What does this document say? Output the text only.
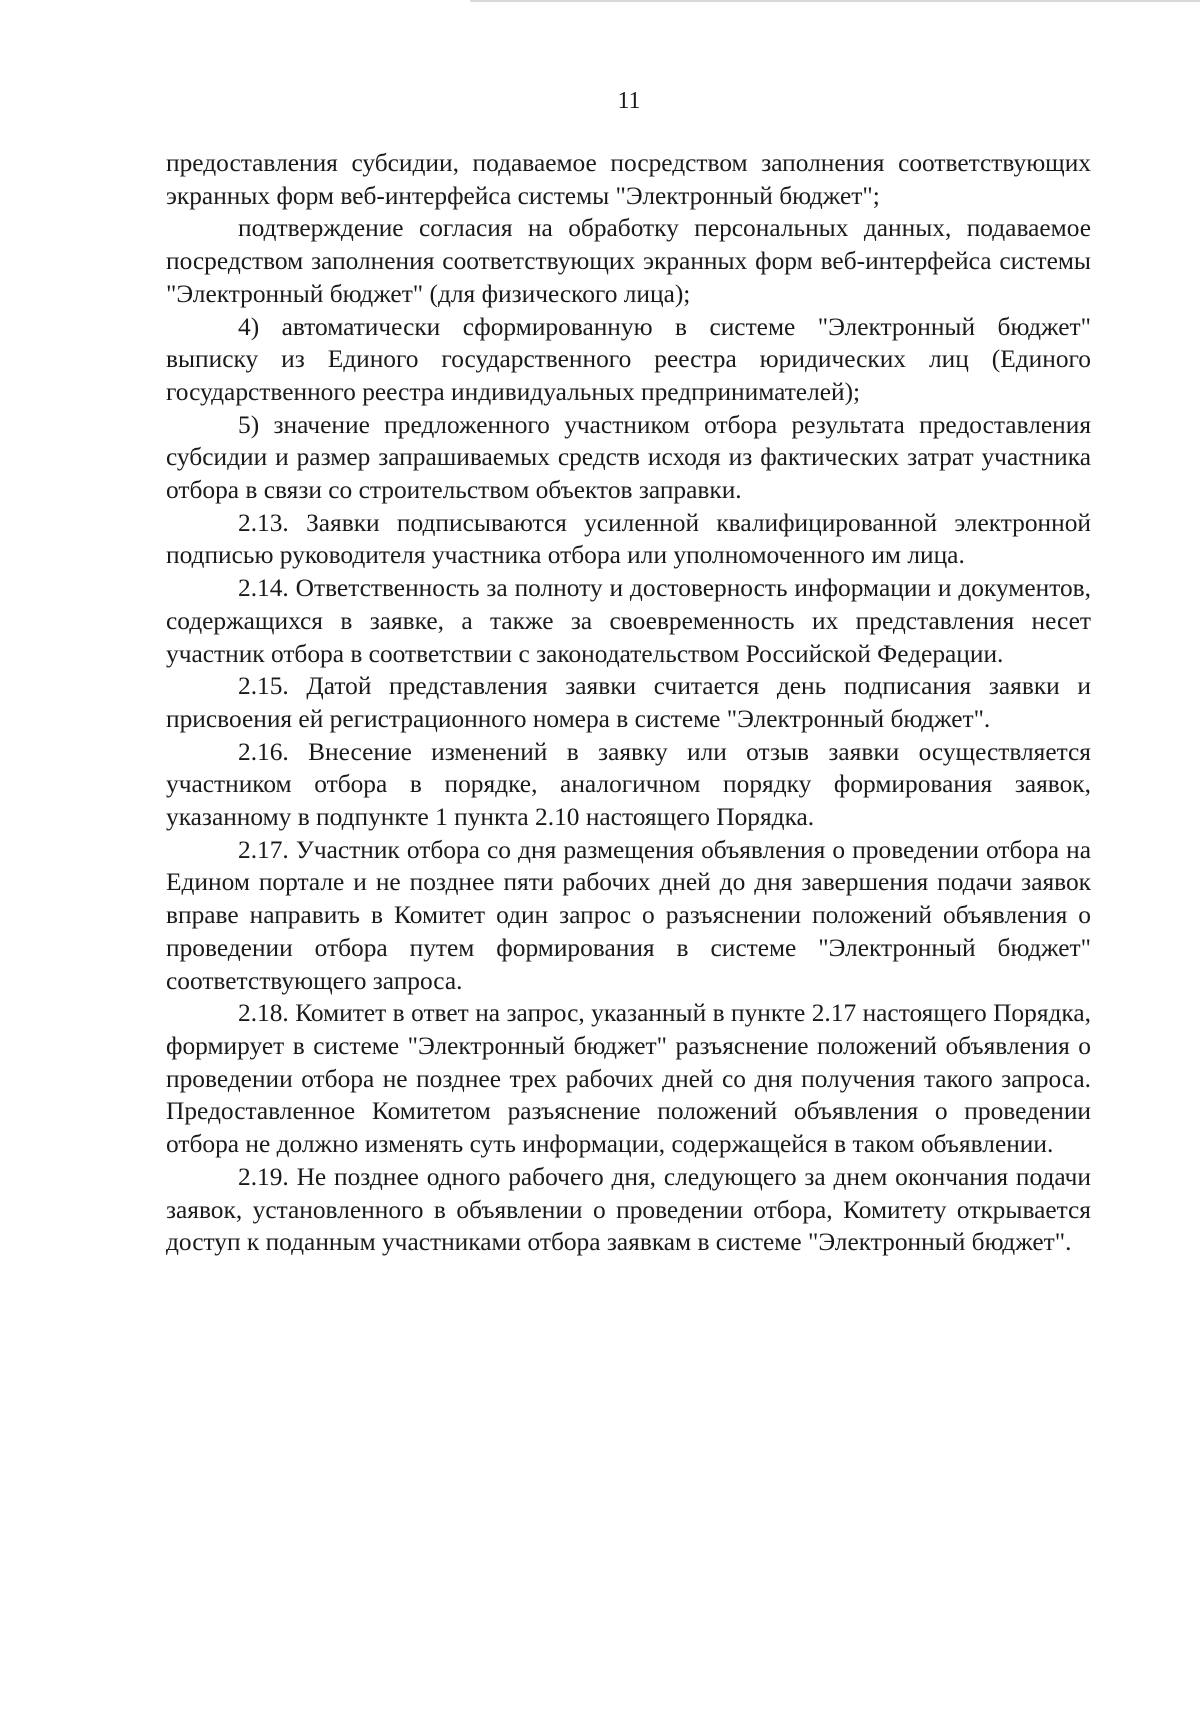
11

предоставления субсидии, подаваемое посредством заполнения соответствующих экранных форм веб-интерфейса системы "Электронный бюджет";

подтверждение согласия на обработку персональных данных, подаваемое посредством заполнения соответствующих экранных форм веб-интерфейса системы "Электронный бюджет" (для физического лица);

4) автоматически сформированную в системе "Электронный бюджет" выписку из Единого государственного реестра юридических лиц (Единого государственного реестра индивидуальных предпринимателей);

5) значение предложенного участником отбора результата предоставления субсидии и размер запрашиваемых средств исходя из фактических затрат участника отбора в связи со строительством объектов заправки.

2.13. Заявки подписываются усиленной квалифицированной электронной подписью руководителя участника отбора или уполномоченного им лица.

2.14. Ответственность за полноту и достоверность информации и документов, содержащихся в заявке, а также за своевременность их представления несет участник отбора в соответствии с законодательством Российской Федерации.

2.15. Датой представления заявки считается день подписания заявки и присвоения ей регистрационного номера в системе "Электронный бюджет".

2.16. Внесение изменений в заявку или отзыв заявки осуществляется участником отбора в порядке, аналогичном порядку формирования заявок, указанному в подпункте 1 пункта 2.10 настоящего Порядка.

2.17. Участник отбора со дня размещения объявления о проведении отбора на Едином портале и не позднее пяти рабочих дней до дня завершения подачи заявок вправе направить в Комитет один запрос о разъяснении положений объявления о проведении отбора путем формирования в системе "Электронный бюджет" соответствующего запроса.

2.18. Комитет в ответ на запрос, указанный в пункте 2.17 настоящего Порядка, формирует в системе "Электронный бюджет" разъяснение положений объявления о проведении отбора не позднее трех рабочих дней со дня получения такого запроса. Предоставленное Комитетом разъяснение положений объявления о проведении отбора не должно изменять суть информации, содержащейся в таком объявлении.

2.19. Не позднее одного рабочего дня, следующего за днем окончания подачи заявок, установленного в объявлении о проведении отбора, Комитету открывается доступ к поданным участниками отбора заявкам в системе "Электронный бюджет".
